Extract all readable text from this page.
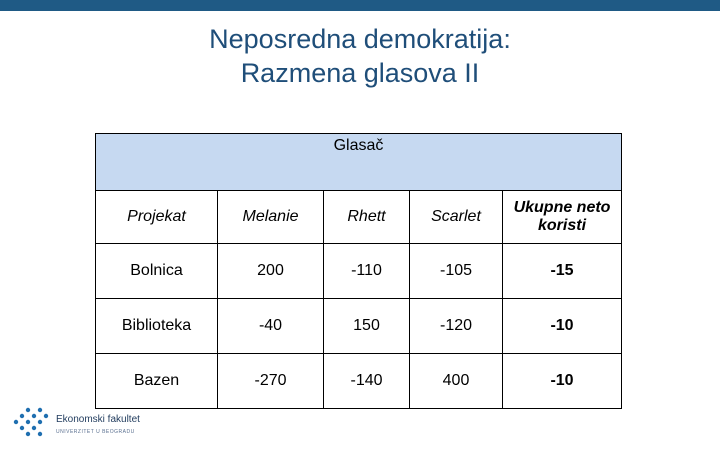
Neposredna demokratija:
Razmena glasova II
Glasač				
Projekat	Melanie	Rhett	Scarlet	Ukupne neto koristi
Bolnica	200	-110	-105	-15
Biblioteka	-40	150	-120	-10
Bazen	-270	-140	400	-10
Ekonomski fakultet
UNIVERZITET U BEOGRADU
